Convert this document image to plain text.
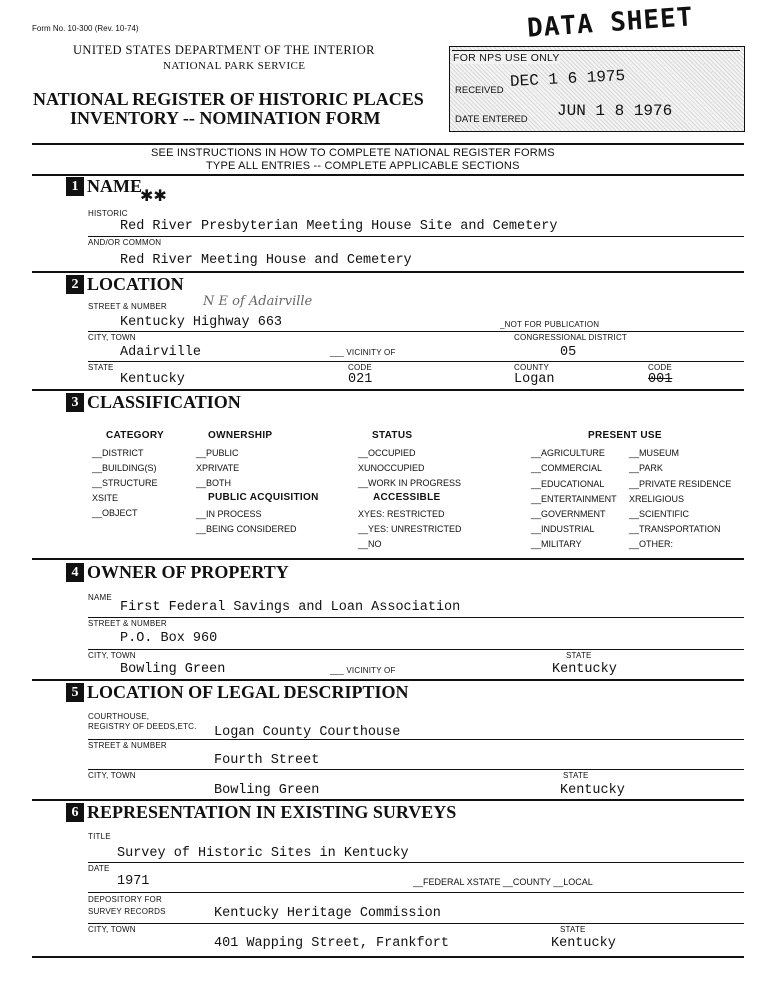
Form No. 10-300 (Rev. 10-74)
UNITED STATES DEPARTMENT OF THE INTERIOR
NATIONAL PARK SERVICE
NATIONAL REGISTER OF HISTORIC PLACES
INVENTORY -- NOMINATION FORM
DATA SHEET
FOR NPS USE ONLY
RECEIVED DEC 1 6 1975
DATE ENTERED JUN 1 8 1976
SEE INSTRUCTIONS IN HOW TO COMPLETE NATIONAL REGISTER FORMS
TYPE ALL ENTRIES -- COMPLETE APPLICABLE SECTIONS
1 NAME
✱✱
HISTORIC
Red River Presbyterian Meeting House Site and Cemetery
AND/OR COMMON
Red River Meeting House and Cemetery
2 LOCATION
STREET & NUMBER	N E of Adairville
Kentucky Highway 663	_NOT FOR PUBLICATION
CITY, TOWN	CONGRESSIONAL DISTRICT
Adairville	___ VICINITY OF	05
STATE	CODE	COUNTY	CODE
Kentucky	021	Logan	001
3 CLASSIFICATION
CATEGORY
__DISTRICT
__BUILDING(S)
__STRUCTURE
XSITE
__OBJECT
OWNERSHIP
__PUBLIC
XPRIVATE
__BOTH
PUBLIC ACQUISITION
__IN PROCESS
__BEING CONSIDERED
STATUS
__OCCUPIED
XUNOCCUPIED
__WORK IN PROGRESS
ACCESSIBLE
XYES: RESTRICTED
__YES: UNRESTRICTED
__NO
PRESENT USE
__AGRICULTURE
__COMMERCIAL
__EDUCATIONAL
__ENTERTAINMENT
__GOVERNMENT
__INDUSTRIAL
__MILITARY
__MUSEUM
__PARK
__PRIVATE RESIDENCE
XRELIGIOUS
__SCIENTIFIC
__TRANSPORTATION
__OTHER:
4 OWNER OF PROPERTY
NAME
First Federal Savings and Loan Association
STREET & NUMBER
P.O. Box 960
CITY, TOWN	STATE
Bowling Green	___ VICINITY OF	Kentucky
5 LOCATION OF LEGAL DESCRIPTION
COURTHOUSE,
REGISTRY OF DEEDS,ETC. Logan County Courthouse
STREET & NUMBER
Fourth Street
CITY, TOWN	STATE
Bowling Green	Kentucky
6 REPRESENTATION IN EXISTING SURVEYS
TITLE
Survey of Historic Sites in Kentucky
DATE
1971	__FEDERAL XSTATE __COUNTY __LOCAL
DEPOSITORY FOR
SURVEY RECORDS	Kentucky Heritage Commission
CITY, TOWN	STATE
401 Wapping Street, Frankfort	Kentucky
